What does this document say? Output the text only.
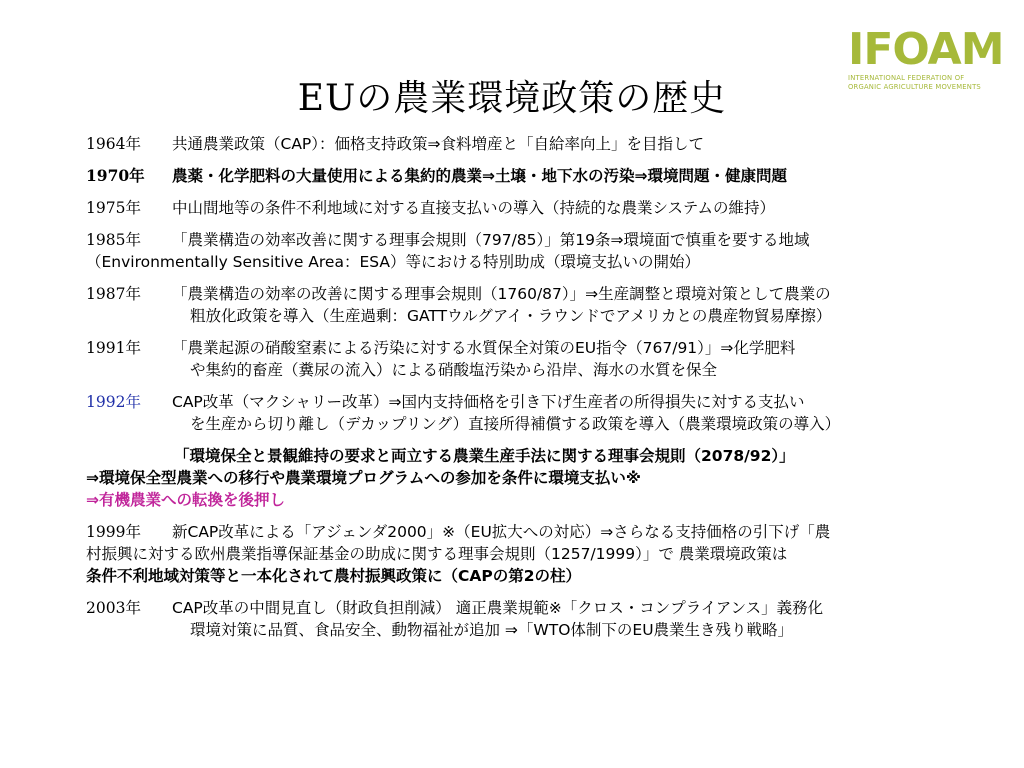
EUの農業環境政策の歴史
IFOAM
INTERNATIONAL FEDERATION OF
ORGANIC AGRICULTURE MOVEMENTS
1964年 共通農業政策（CAP）：価格支持政策⇒食料増産と「自給率向上」を目指して
1970年 農薬・化学肥料の大量使用による集約的農業⇒土壌・地下水の汚染⇒環境問題・健康問題
1975年 中山間地等の条件不利地域に対する直接支払いの導入（持続的な農業システムの維持）
1985年 「農業構造の効率改善に関する理事会規則（797/85）」第19条⇒環境面で慎重を要する地域
（Environmentally Sensitive Area：ESA）等における特別助成（環境支払いの開始）
1987年 「農業構造の効率の改善に関する理事会規則（1760/87）」⇒生産調整と環境対策として農業の
粗放化政策を導入（生産過剰：GATTウルグアイ・ラウンドでアメリカとの農産物貿易摩擦）
1991年 「農業起源の硝酸窒素による汚染に対する水質保全対策のEU指令（767/91）」⇒化学肥料
や集約的畜産（糞尿の流入）による硝酸塩汚染から沿岸、海水の水質を保全
1992年 CAP改革（マクシャリー改革）⇒国内支持価格を引き下げ生産者の所得損失に対する支払い
を生産から切り離し（デカップリング）直接所得補償する政策を導入（農業環境政策の導入）
「環境保全と景観維持の要求と両立する農業生産手法に関する理事会規則（2078/92）」
⇒環境保全型農業への移行や農業環境プログラムへの参加を条件に環境支払い※
⇒有機農業への転換を後押し
1999年 新CAP改革による「アジェンダ2000」※（EU拡大への対応）⇒さらなる支持価格の引下げ「農
村振興に対する欧州農業指導保証基金の助成に関する理事会規則（1257/1999）」で 農業環境政策は
条件不利地域対策等と一本化されて農村振興政策に（CAPの第2の柱）
2003年 CAP改革の中間見直し（財政負担削減） 適正農業規範※「クロス・コンプライアンス」義務化
環境対策に品質、食品安全、動物福祉が追加 ⇒「WTO体制下のEU農業生き残り戦略」
